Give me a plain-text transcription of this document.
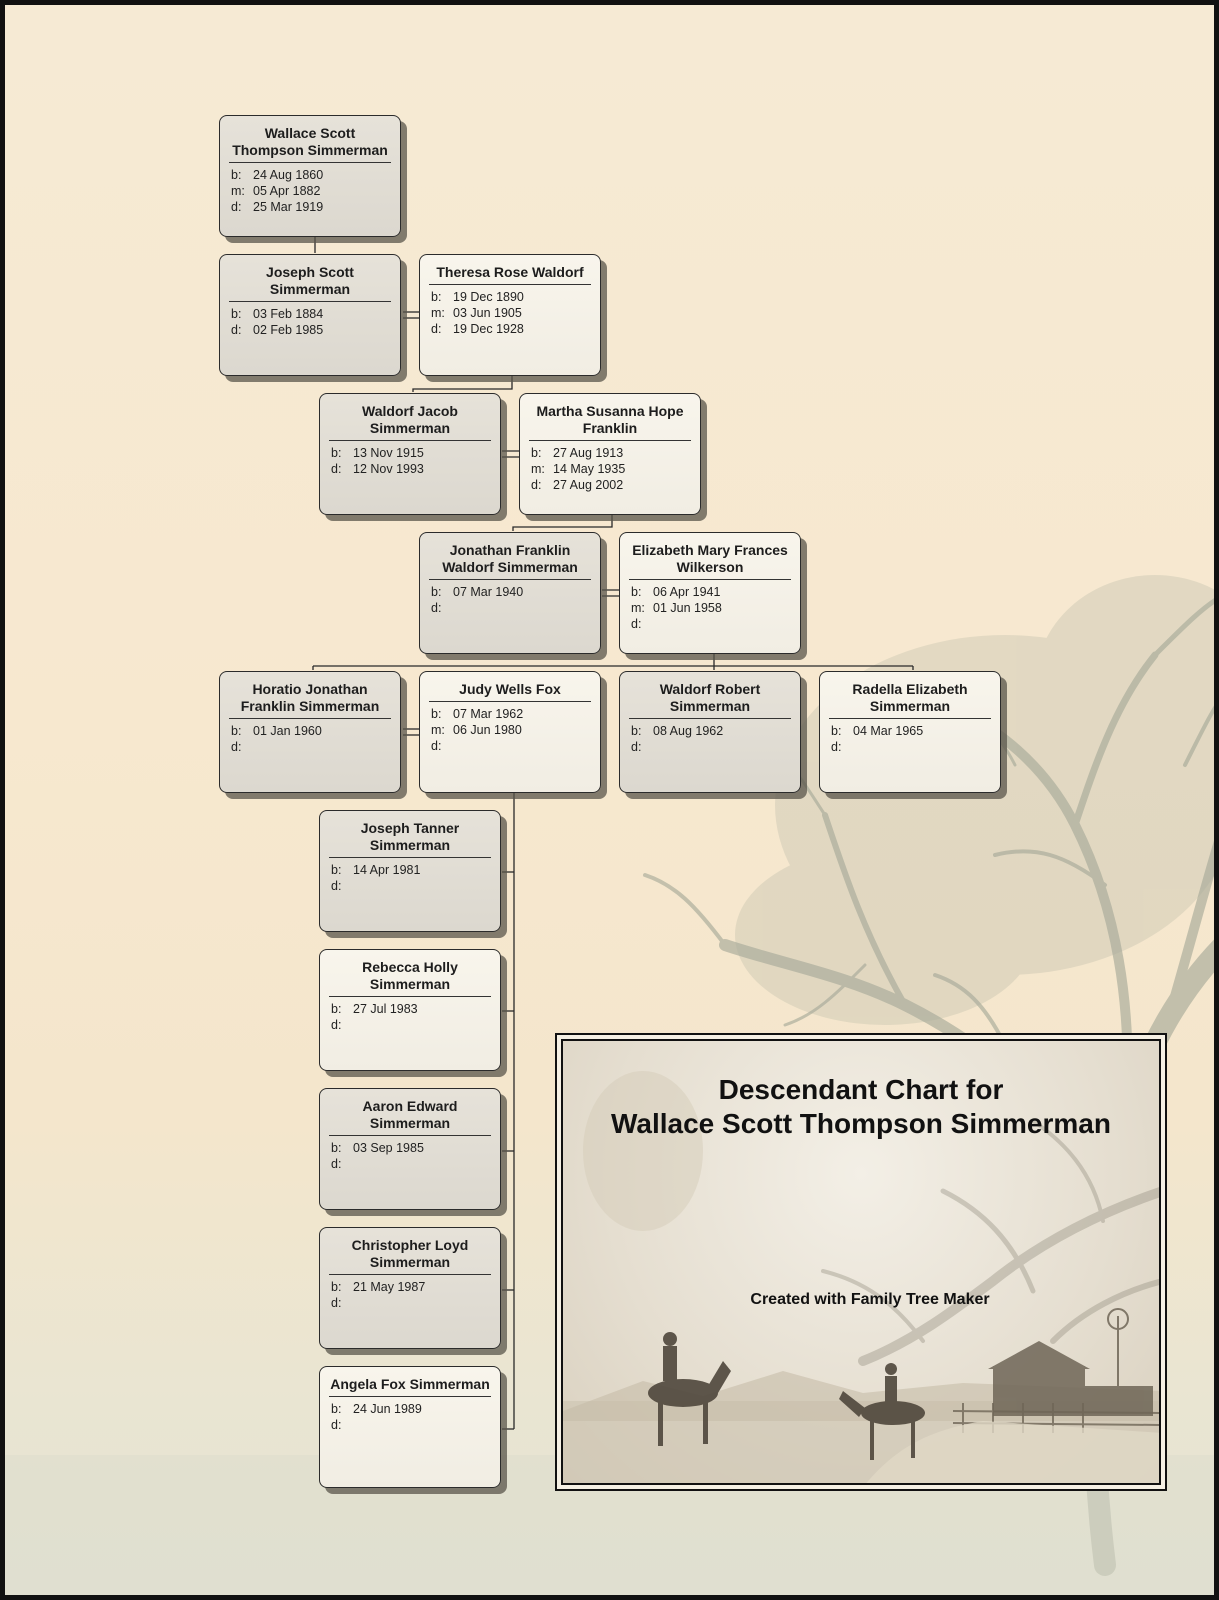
Wallace Scott Thompson Simmerman
b: 24 Aug 1860
m: 05 Apr 1882
d: 25 Mar 1919
Joseph Scott Simmerman
b: 03 Feb 1884
d: 02 Feb 1985
Theresa Rose Waldorf
b: 19 Dec 1890
m: 03 Jun 1905
d: 19 Dec 1928
Waldorf Jacob Simmerman
b: 13 Nov 1915
d: 12 Nov 1993
Martha Susanna Hope Franklin
b: 27 Aug 1913
m: 14 May 1935
d: 27 Aug 2002
Jonathan Franklin Waldorf Simmerman
b: 07 Mar 1940
d:
Elizabeth Mary Frances Wilkerson
b: 06 Apr 1941
m: 01 Jun 1958
d:
Horatio Jonathan Franklin Simmerman
b: 01 Jan 1960
d:
Judy Wells Fox
b: 07 Mar 1962
m: 06 Jun 1980
d:
Waldorf Robert Simmerman
b: 08 Aug 1962
d:
Radella Elizabeth Simmerman
b: 04 Mar 1965
d:
Joseph Tanner Simmerman
b: 14 Apr 1981
d:
Rebecca Holly Simmerman
b: 27 Jul 1983
d:
Aaron Edward Simmerman
b: 03 Sep 1985
d:
Christopher Loyd Simmerman
b: 21 May 1987
d:
Angela Fox Simmerman
b: 24 Jun 1989
d:
Descendant Chart for
Wallace Scott Thompson Simmerman
Created with Family Tree Maker
